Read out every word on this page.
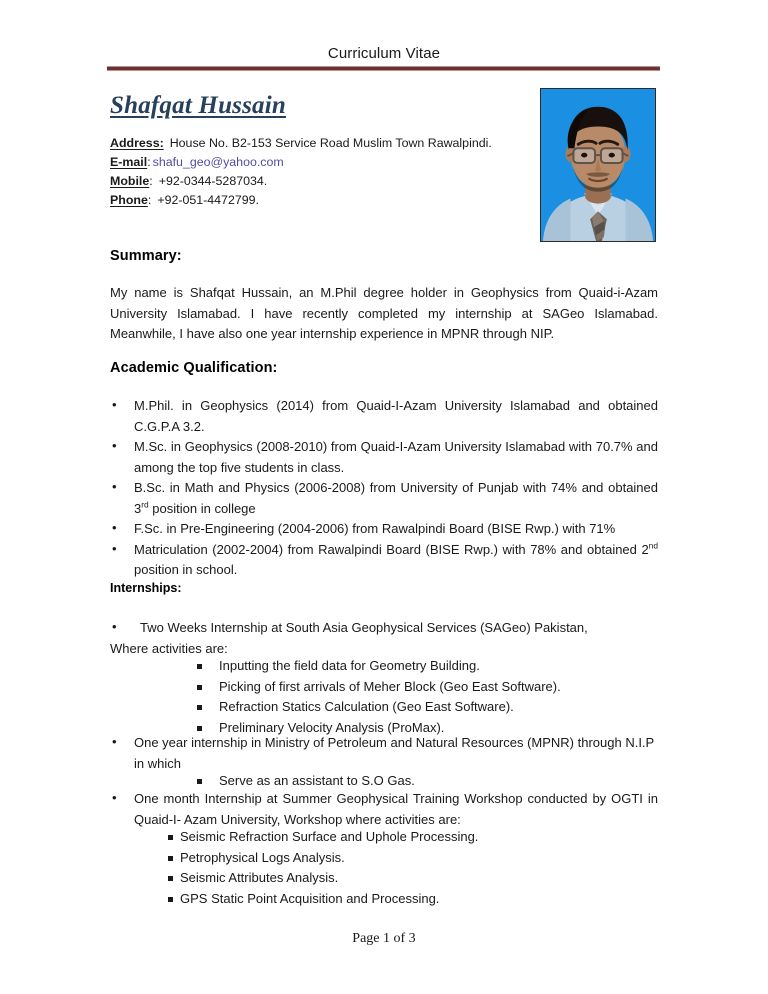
Curriculum Vitae
Shafqat Hussain
Address: House No. B2-153 Service Road Muslim Town Rawalpindi.
E-mail: shafu_geo@yahoo.com
Mobile: +92-0344-5287034.
Phone: +92-051-4472799.
Summary:
My name is Shafqat Hussain, an M.Phil degree holder in Geophysics from Quaid-i-Azam University Islamabad. I have recently completed my internship at SAGeo Islamabad. Meanwhile, I have also one year internship experience in MPNR through NIP.
Academic Qualification:
• M.Phil. in Geophysics (2014) from Quaid-I-Azam University Islamabad and obtained C.G.P.A 3.2.
• M.Sc. in Geophysics (2008-2010) from Quaid-I-Azam University Islamabad with 70.7% and among the top five students in class.
• B.Sc. in Math and Physics (2006-2008) from University of Punjab with 74% and obtained 3rd position in college
• F.Sc. in Pre-Engineering (2004-2006) from Rawalpindi Board (BISE Rwp.) with 71%
• Matriculation (2002-2004) from Rawalpindi Board (BISE Rwp.) with 78% and obtained 2nd position in school.
Internships:
• Two Weeks Internship at South Asia Geophysical Services (SAGeo) Pakistan,
Where activities are:
Inputting the field data for Geometry Building.
Picking of first arrivals of Meher Block (Geo East Software).
Refraction Statics Calculation (Geo East Software).
Preliminary Velocity Analysis (ProMax).
• One year internship in Ministry of Petroleum and Natural Resources (MPNR) through N.I.P in which
Serve as an assistant to S.O Gas.
• One month Internship at Summer Geophysical Training Workshop conducted by OGTI in Quaid-I- Azam University, Workshop where activities are:
Seismic Refraction Surface and Uphole Processing.
Petrophysical Logs Analysis.
Seismic Attributes Analysis.
GPS Static Point Acquisition and Processing.
Page 1 of 3
